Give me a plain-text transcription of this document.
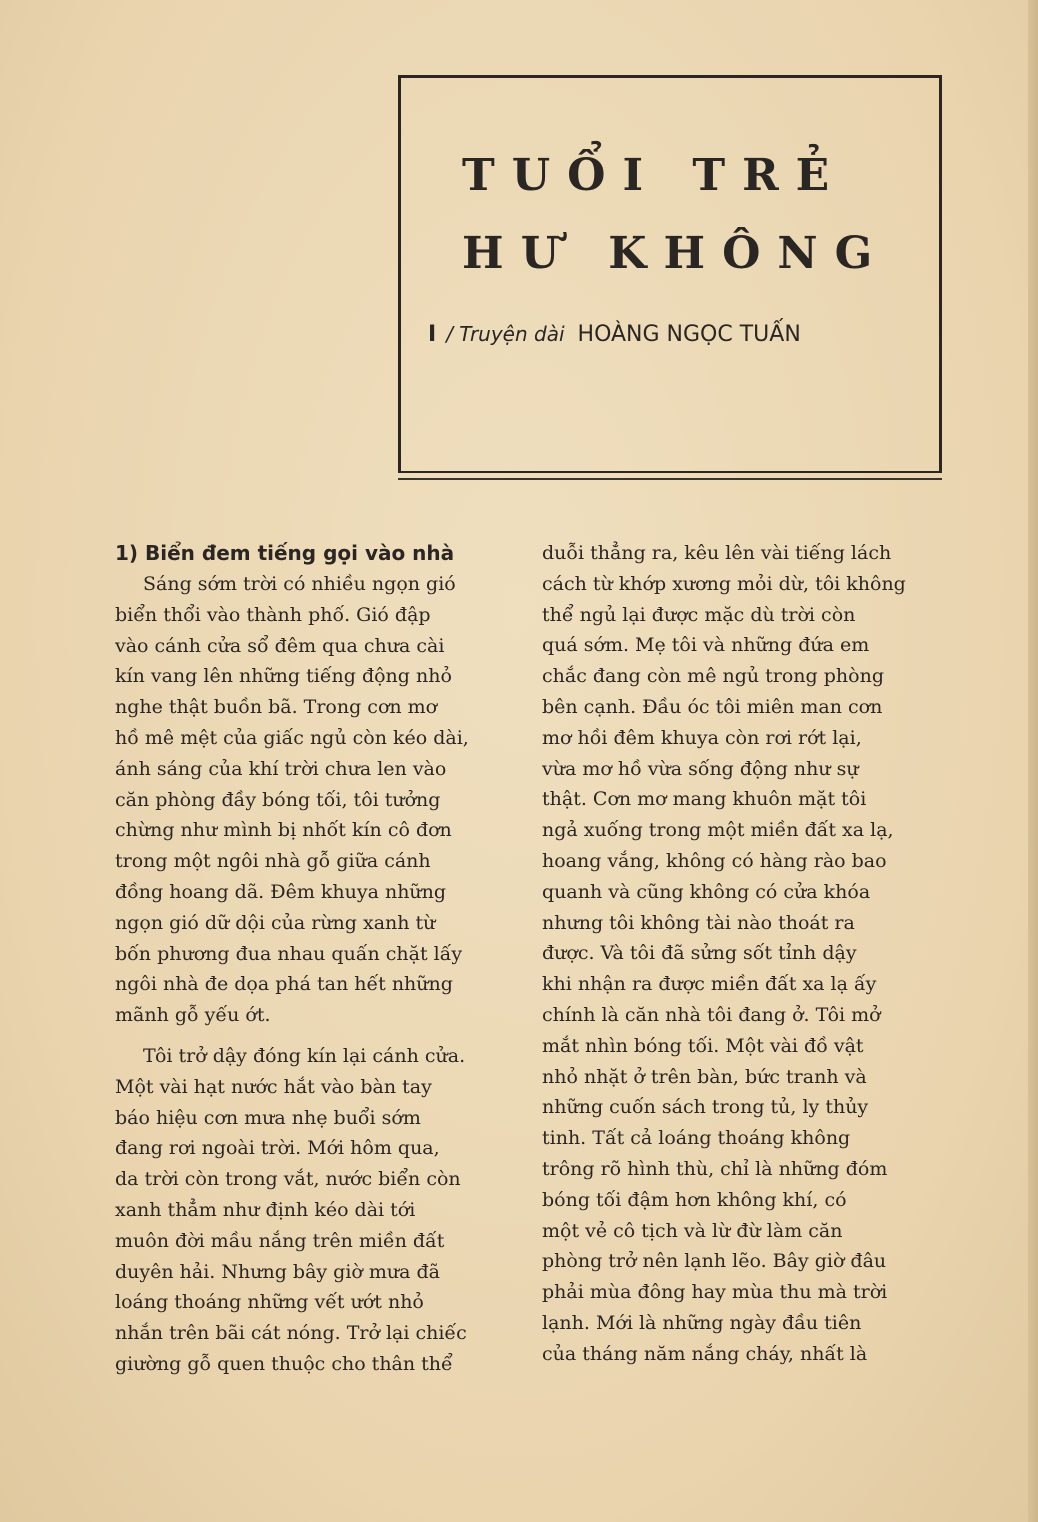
TUỔI TRẺ
HƯ KHÔNG
I / Truyện dài HOÀNG NGỌC TUẤN
1) Biển đem tiếng gọi vào nhà
Sáng sớm trời có nhiều ngọn gió
biển thổi vào thành phố. Gió đập
vào cánh cửa sổ đêm qua chưa cài
kín vang lên những tiếng động nhỏ
nghe thật buồn bã. Trong cơn mơ
hồ mê mệt của giấc ngủ còn kéo dài,
ánh sáng của khí trời chưa len vào
căn phòng đầy bóng tối, tôi tưởng
chừng như mình bị nhốt kín cô đơn
trong một ngôi nhà gỗ giữa cánh
đồng hoang dã. Đêm khuya những
ngọn gió dữ dội của rừng xanh từ
bốn phương đua nhau quấn chặt lấy
ngôi nhà đe dọa phá tan hết những
mãnh gỗ yếu ớt.
Tôi trở dậy đóng kín lại cánh cửa.
Một vài hạt nước hắt vào bàn tay
báo hiệu cơn mưa nhẹ buổi sớm
đang rơi ngoài trời. Mới hôm qua,
da trời còn trong vắt, nước biển còn
xanh thẳm như định kéo dài tới
muôn đời mầu nắng trên miền đất
duyên hải. Nhưng bây giờ mưa đã
loáng thoáng những vết ướt nhỏ
nhắn trên bãi cát nóng. Trở lại chiếc
giường gỗ quen thuộc cho thân thể
duỗi thẳng ra, kêu lên vài tiếng lách
cách từ khớp xương mỏi dừ, tôi không
thể ngủ lại được mặc dù trời còn
quá sớm. Mẹ tôi và những đứa em
chắc đang còn mê ngủ trong phòng
bên cạnh. Đầu óc tôi miên man cơn
mơ hồi đêm khuya còn rơi rớt lại,
vừa mơ hồ vừa sống động như sự
thật. Cơn mơ mang khuôn mặt tôi
ngả xuống trong một miền đất xa lạ,
hoang vắng, không có hàng rào bao
quanh và cũng không có cửa khóa
nhưng tôi không tài nào thoát ra
được. Và tôi đã sửng sốt tỉnh dậy
khi nhận ra được miền đất xa lạ ấy
chính là căn nhà tôi đang ở. Tôi mở
mắt nhìn bóng tối. Một vài đồ vật
nhỏ nhặt ở trên bàn, bức tranh và
những cuốn sách trong tủ, ly thủy
tinh. Tất cả loáng thoáng không
trông rõ hình thù, chỉ là những đóm
bóng tối đậm hơn không khí, có
một vẻ cô tịch và lừ đừ làm căn
phòng trở nên lạnh lẽo. Bây giờ đâu
phải mùa đông hay mùa thu mà trời
lạnh. Mới là những ngày đầu tiên
của tháng năm nắng cháy, nhất là
